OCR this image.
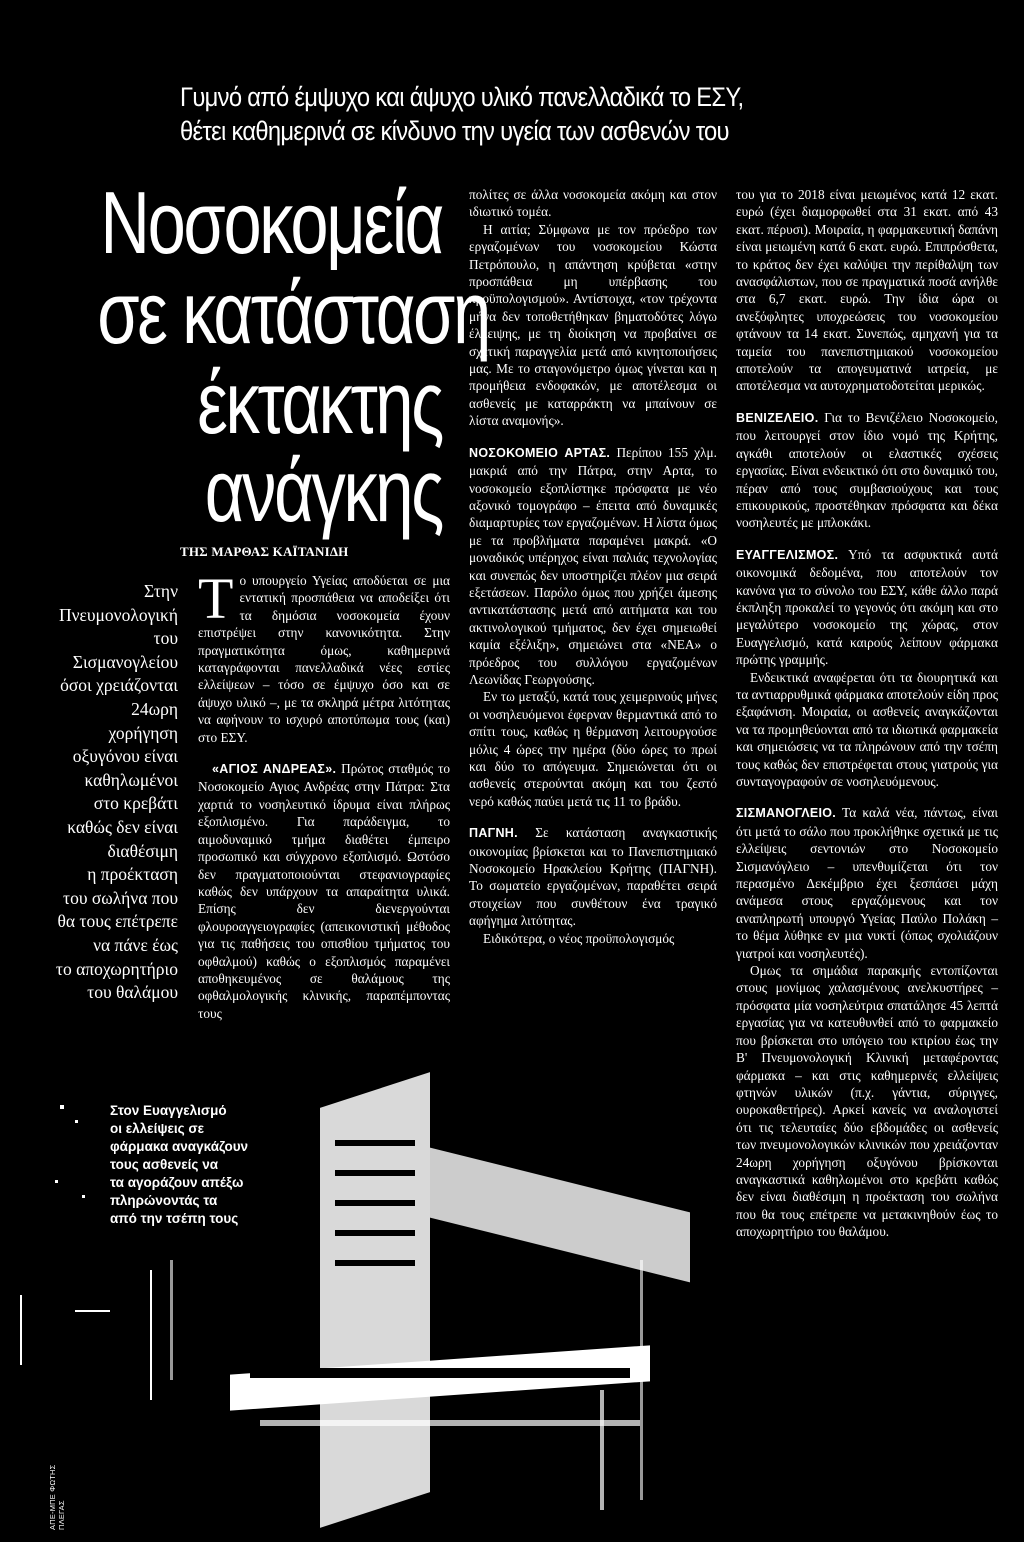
Γυμνό από έμψυχο και άψυχο υλικό πανελλαδικά το ΕΣΥ,
θέτει καθημερινά σε κίνδυνο την υγεία των ασθενών του
Νοσοκομεία
σε κατάσταση
έκτακτης
ανάγκης
Στην
Πνευμονολογική
του
Σισμανογλείου
όσοι χρειάζονται
24ωρη
χορήγηση
οξυγόνου είναι
καθηλωμένοι
στο κρεβάτι
καθώς δεν είναι
διαθέσιμη
η προέκταση
του σωλήνα που
θα τους επέτρεπε
να πάνε έως
το αποχωρητήριο
του θαλάμου
ΤΗΣ ΜΑΡΘΑΣ ΚΑΪΤΑΝΙΔΗ

Το υπουργείο Υγείας αποδύεται σε μια εντατική προσπάθεια να αποδείξει ότι τα δημόσια νοσοκομεία έχουν επιστρέψει στην κανονικότητα. Στην πραγματικότητα όμως, καθημερινά καταγράφονται πανελλαδικά νέες εστίες ελλείψεων – τόσο σε έμψυχο όσο και σε άψυχο υλικό –, με τα σκληρά μέτρα λιτότητας να αφήνουν το ισχυρό αποτύπωμα τους (και) στο ΕΣΥ.

«ΑΓΙΟΣ ΑΝΔΡΕΑΣ». Πρώτος σταθμός το Νοσοκομείο Αγιος Ανδρέας στην Πάτρα: Στα χαρτιά το νοσηλευτικό ίδρυμα είναι πλήρως εξοπλισμένο. Για παράδειγμα, το αιμοδυναμικό τμήμα διαθέτει έμπειρο προσωπικό και σύγχρονο εξοπλισμό. Ωστόσο δεν πραγματοποιούνται στεφανιογραφίες καθώς δεν υπάρχουν τα απαραίτητα υλικά. Επίσης δεν διενεργούνται φλουροαγγειογραφίες (απεικονιστική μέθοδος για τις παθήσεις του οπισθίου τμήματος του οφθαλμού) καθώς ο εξοπλισμός παραμένει αποθηκευμένος σε θαλάμους της οφθαλμολογικής κλινικής, παραπέμποντας τους

πολίτες σε άλλα νοσοκομεία ακόμη και στον ιδιωτικό τομέα.

Η αιτία; Σύμφωνα με τον πρόεδρο των εργαζομένων του νοσοκομείου Κώστα Πετρόπουλο, η απάντηση κρύβεται «στην προσπάθεια μη υπέρβασης του προϋπολογισμού». Αντίστοιχα, «τον τρέχοντα μήνα δεν τοποθετήθηκαν βηματοδότες λόγω έλλειψης, με τη διοίκηση να προβαίνει σε σχετική παραγγελία μετά από κινητοποιήσεις μας. Με το σταγονόμετρο όμως γίνεται και η προμήθεια ενδοφακών, με αποτέλεσμα οι ασθενείς με καταρράκτη να μπαίνουν σε λίστα αναμονής».

ΝΟΣΟΚΟΜΕΙΟ ΑΡΤΑΣ. Περίπου 155 χλμ. μακριά από την Πάτρα, στην Αρτα, το νοσοκομείο εξοπλίστηκε πρόσφατα με νέο αξονικό τομογράφο – έπειτα από δυναμικές διαμαρτυρίες των εργαζομένων. Η λίστα όμως με τα προβλήματα παραμένει μακρά. «Ο μοναδικός υπέρηχος είναι παλιάς τεχνολογίας και συνεπώς δεν υποστηρίζει πλέον μια σειρά εξετάσεων. Παρόλο όμως που χρήζει άμεσης αντικατάστασης μετά από αιτήματα και του ακτινολογικού τμήματος, δεν έχει σημειωθεί καμία εξέλιξη», σημειώνει στα «ΝΕΑ» ο πρόεδρος του συλλόγου εργαζομένων Λεωνίδας Γεωργούσης.

Εν τω μεταξύ, κατά τους χειμερινούς μήνες οι νοσηλευόμενοι έφερναν θερμαντικά από το σπίτι τους, καθώς η θέρμανση λειτουργούσε μόλις 4 ώρες την ημέρα (δύο ώρες το πρωί και δύο το απόγευμα. Σημειώνεται ότι οι ασθενείς στερούνται ακόμη και του ζεστό νερό καθώς παύει μετά τις 11 το βράδυ.

ΠΑΓΝΗ. Σε κατάσταση αναγκαστικής οικονομίας βρίσκεται και το Πανεπιστημιακό Νοσοκομείο Ηρακλείου Κρήτης (ΠΑΓΝΗ). Το σωματείο εργαζομένων, παραθέτει σειρά στοιχείων που συνθέτουν ένα τραγικό αφήγημα λιτότητας.

Ειδικότερα, ο νέος προϋπολογισμός

του για το 2018 είναι μειωμένος κατά 12 εκατ. ευρώ (έχει διαμορφωθεί στα 31 εκατ. από 43 εκατ. πέρυσι). Μοιραία, η φαρμακευτική δαπάνη είναι μειωμένη κατά 6 εκατ. ευρώ. Επιπρόσθετα, το κράτος δεν έχει καλύψει την περίθαλψη των ανασφάλιστων, που σε πραγματικά ποσά ανήλθε στα 6,7 εκατ. ευρώ. Την ίδια ώρα οι ανεξόφλητες υποχρεώσεις του νοσοκομείου φτάνουν τα 14 εκατ. Συνεπώς, αμηχανή για τα ταμεία του πανεπιστημιακού νοσοκομείου αποτελούν τα απογευματινά ιατρεία, με αποτέλεσμα να αυτοχρηματοδοτείται μερικώς.

ΒΕΝΙΖΕΛΕΙΟ. Για το Βενιζέλειο Νοσοκομείο, που λειτουργεί στον ίδιο νομό της Κρήτης, αγκάθι αποτελούν οι ελαστικές σχέσεις εργασίας. Είναι ενδεικτικό ότι στο δυναμικό του, πέραν από τους συμβασιούχους και τους επικουρικούς, προστέθηκαν πρόσφατα και δέκα νοσηλευτές με μπλοκάκι.

ΕΥΑΓΓΕΛΙΣΜΟΣ. Υπό τα ασφυκτικά αυτά οικονομικά δεδομένα, που αποτελούν τον κανόνα για το σύνολο του ΕΣΥ, κάθε άλλο παρά έκπληξη προκαλεί το γεγονός ότι ακόμη και στο μεγαλύτερο νοσοκομείο της χώρας, στον Ευαγγελισμό, κατά καιρούς λείπουν φάρμακα πρώτης γραμμής.

Ενδεικτικά αναφέρεται ότι τα διουρητικά και τα αντιαρρυθμικά φάρμακα αποτελούν είδη προς εξαφάνιση. Μοιραία, οι ασθενείς αναγκάζονται να τα προμηθεύονται από τα ιδιωτικά φαρμακεία και σημειώσεις να τα πληρώνουν από την τσέπη τους καθώς δεν επιστρέφεται στους γιατρούς για συνταγογραφούν σε νοσηλευόμενους.

ΣΙΣΜΑΝΟΓΛΕΙΟ. Τα καλά νέα, πάντως, είναι ότι μετά το σάλο που προκλήθηκε σχετικά με τις ελλείψεις σεντονιών στο Νοσοκομείο Σισμανόγλειο – υπενθυμίζεται ότι τον περασμένο Δεκέμβριο έχει ξεσπάσει μάχη ανάμεσα στους εργαζόμενους και τον αναπληρωτή υπουργό Υγείας Παύλο Πολάκη – το θέμα λύθηκε εν μια νυκτί (όπως σχολιάζουν γιατροί και νοσηλευτές).

Ομως τα σημάδια παρακμής εντοπίζονται στους μονίμως χαλασμένους ανελκυστήρες – πρόσφατα μία νοσηλεύτρια σπατάλησε 45 λεπτά εργασίας για να κατευθυνθεί από το φαρμακείο που βρίσκεται στο υπόγειο του κτιρίου έως την Β' Πνευμονολογική Κλινική μεταφέροντας φάρμακα – και στις καθημερινές ελλείψεις φτηνών υλικών (π.χ. γάντια, σύριγγες, ουροκαθετήρες). Αρκεί κανείς να αναλογιστεί ότι τις τελευταίες δύο εβδομάδες οι ασθενείς των πνευμονολογικών κλινικών που χρειάζονταν 24ωρη χορήγηση οξυγόνου βρίσκονται αναγκαστικά καθηλωμένοι στο κρεβάτι καθώς δεν είναι διαθέσιμη η προέκταση του σωλήνα που θα τους επέτρεπε να μετακινηθούν έως το αποχωρητήριο του θαλάμου.

Στον Ευαγγελισμό
οι ελλείψεις σε
φάρμακα αναγκάζουν
τους ασθενείς να
τα αγοράζουν απέξω
πληρώνοντάς τα
από την τσέπη τους
ΑΠΕ-ΜΠΕ ΦΩΤΗΣ ΠΛΕΓΑΣ
